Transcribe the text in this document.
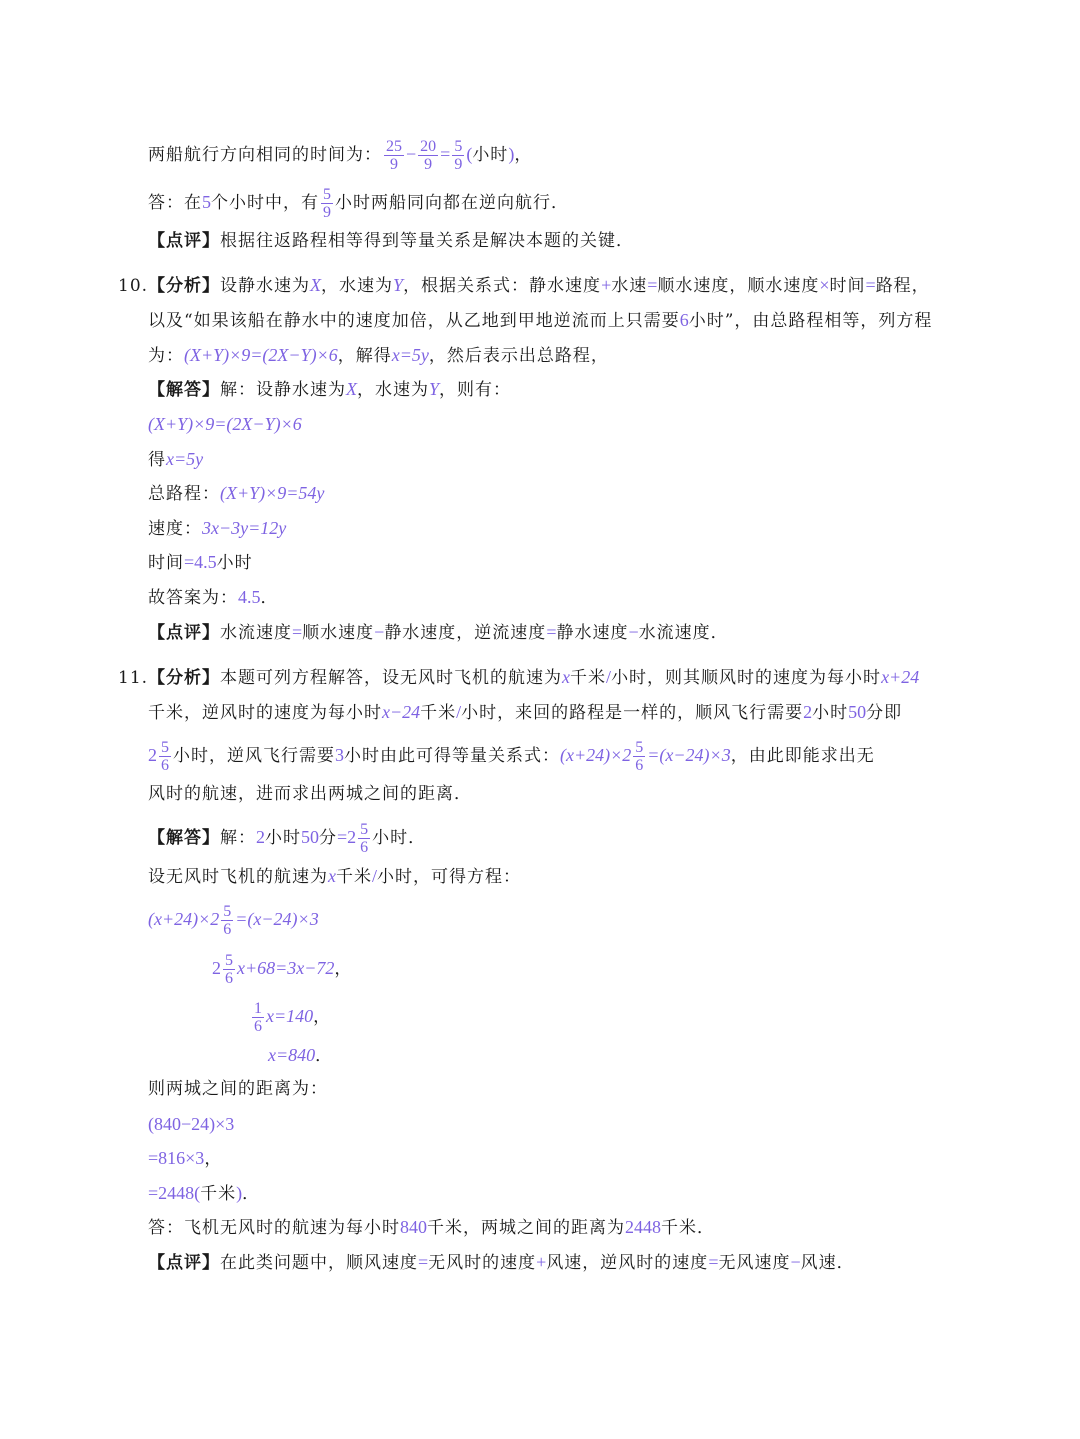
两船航行方向相同的时间为： $\frac{25}{9} - \frac{20}{9} = \frac{5}{9}$ (小时)，
答：在5个小时中，有 $\frac{5}{9}$ 小时两船同向都在逆向航行．
【点评】根据往返路程相等得到等量关系是解决本题的关键．
10.【分析】设静水速为X，水速为Y，根据关系式：静水速度+水速=顺水速度，顺水速度×时间=路程，
以及“如果该船在静水中的速度加倍，从乙地到甲地逆流而上只需要6小时”，由总路程相等，列方程
为：(X+Y)×9=(2X−Y)×6，解得x=5y，然后表示出总路程，
【解答】解：设静水速为X，水速为Y，则有：
(X+Y)×9=(2X−Y)×6
得x=5y
总路程：(X+Y)×9=54y
速度：3x−3y=12y
时间=4.5小时
故答案为：4.5．
【点评】水流速度=顺水速度−静水速度，逆流速度=静水速度−水流速度．
11.【分析】本题可列方程解答，设无风时飞机的航速为x千米/小时，则其顺风时的速度为每小时x+24
千米，逆风时的速度为每小时x−24千米/小时，来回的路程是一样的，顺风飞行需要2小时50分即
$2 \frac{5}{6}$ 小时，逆风飞行需要3小时由此可得等量关系式：$(x+24)\times 2 \frac{5}{6} =(x-24)\times 3$，由此即能求出无
风时的航速，进而求出两城之间的距离．
【解答】解：2小时50分$=2 \frac{5}{6}$ 小时．
设无风时飞机的航速为x千米/小时，可得方程：
$(x+24)\times 2 \frac{5}{6} =(x-24)\times 3$
$2 \frac{5}{6} x+68=3x-72$，
$\frac{1}{6} x=140$，
x=840．
则两城之间的距离为：
(840−24)×3
=816×3，
=2448(千米)．
答：飞机无风时的航速为每小时840千米，两城之间的距离为2448千米．
【点评】在此类问题中，顺风速度=无风时的速度+风速，逆风时的速度=无风速度−风速．
